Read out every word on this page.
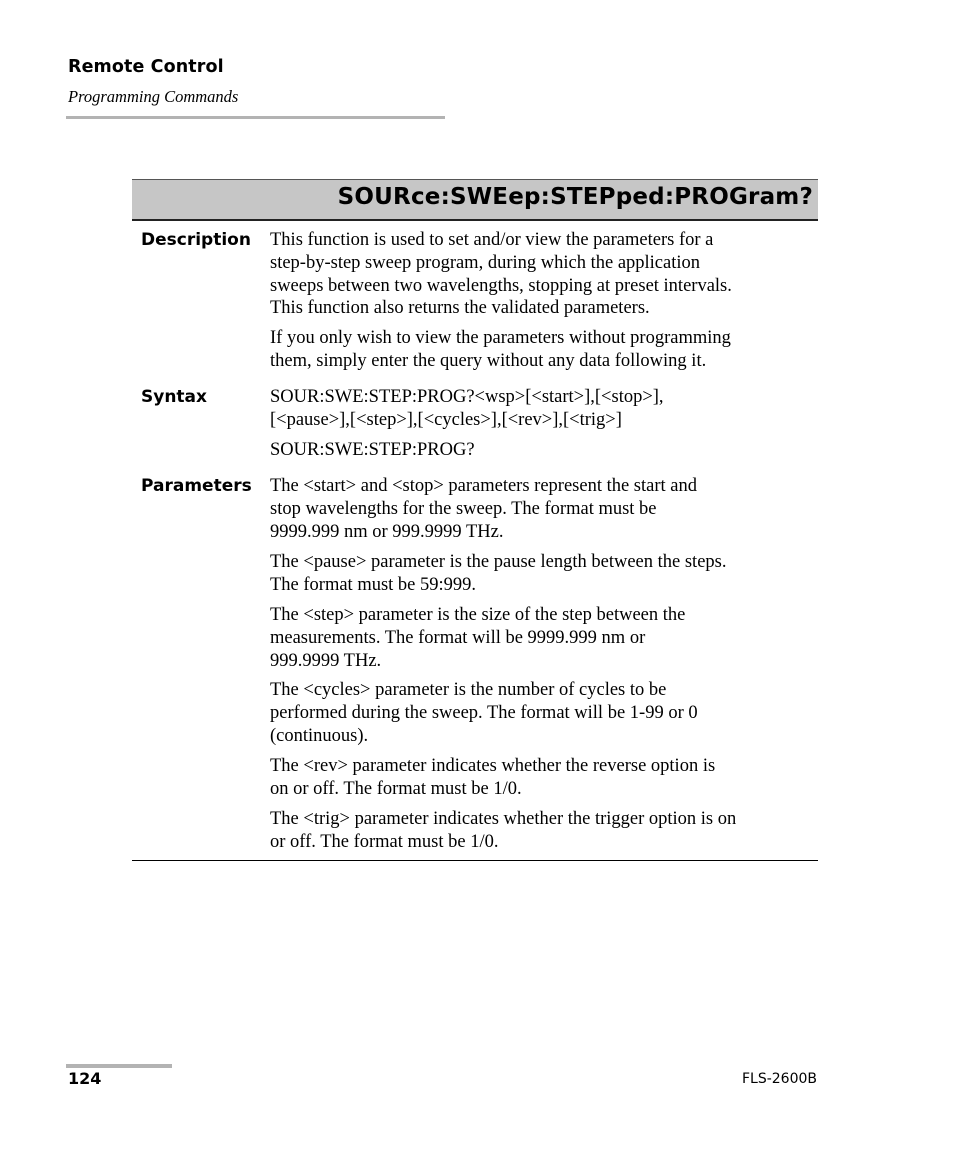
Remote Control
Programming Commands
SOURce:SWEep:STEPped:PROGram?
Description This function is used to set and/or view the parameters for a
step-by-step sweep program, during which the application
sweeps between two wavelengths, stopping at preset intervals.
This function also returns the validated parameters.
If you only wish to view the parameters without programming
them, simply enter the query without any data following it.
Syntax	SOUR:SWE:STEP:PROG?<wsp>[<start>],[<stop>],
[<pause>],[<step>],[<cycles>],[<rev>],[<trig>]
SOUR:SWE:STEP:PROG?
Parameters The <start> and <stop> parameters represent the start and
stop wavelengths for the sweep. The format must be
9999.999 nm or 999.9999 THz.
The <pause> parameter is the pause length between the steps.
The format must be 59:999.
The <step> parameter is the size of the step between the
measurements. The format will be 9999.999 nm or
999.9999 THz.
The <cycles> parameter is the number of cycles to be
performed during the sweep. The format will be 1-99 or 0
(continuous).
The <rev> parameter indicates whether the reverse option is
on or off. The format must be 1/0.
The <trig> parameter indicates whether the trigger option is on
or off. The format must be 1/0.
124	FLS-2600B
